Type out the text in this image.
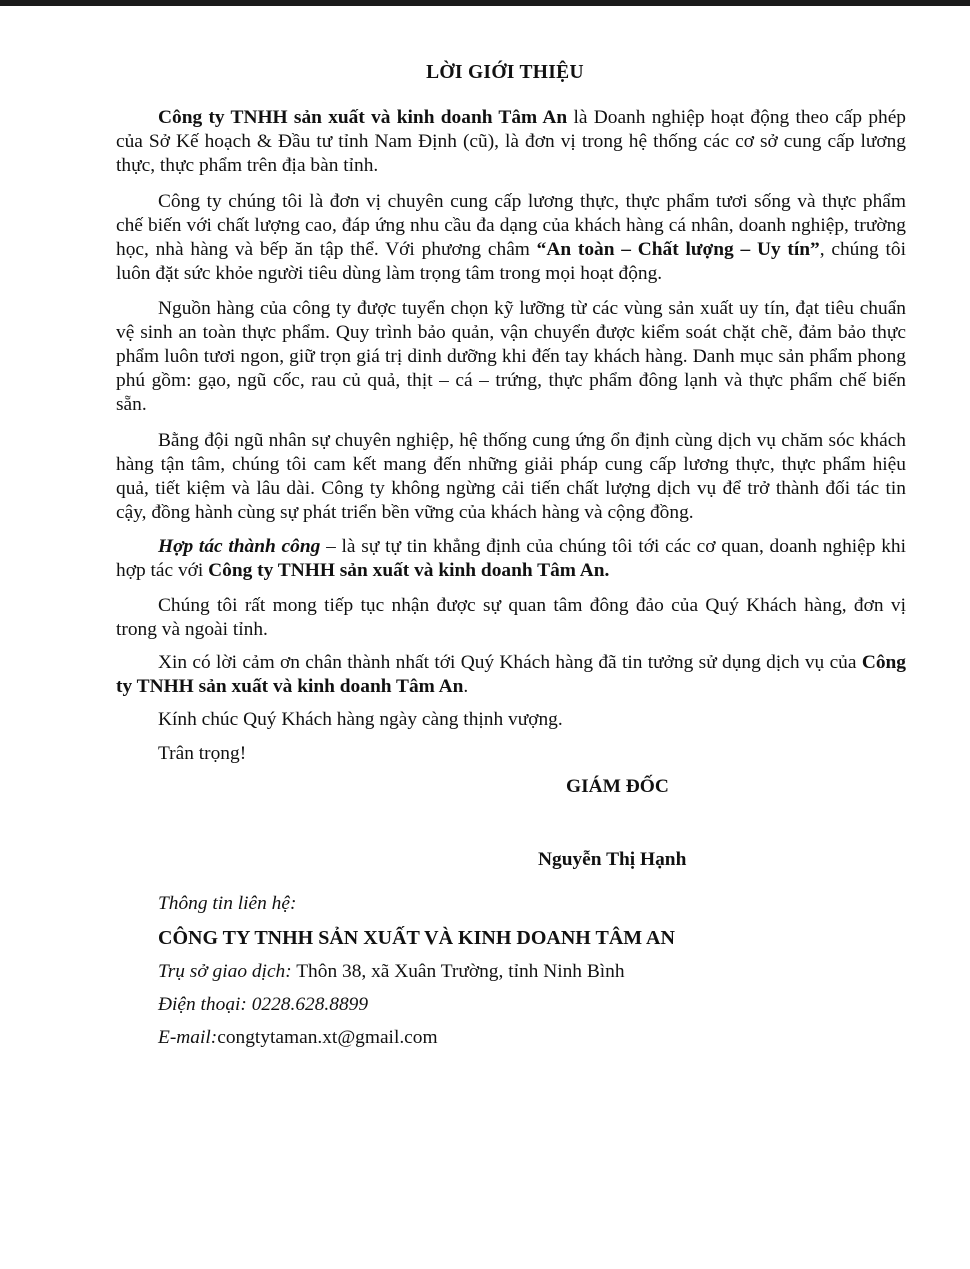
LỜI GIỚI THIỆU
Công ty TNHH sản xuất và kinh doanh Tâm An là Doanh nghiệp hoạt động theo cấp phép của Sở Kế hoạch & Đầu tư tỉnh Nam Định (cũ), là đơn vị trong hệ thống các cơ sở cung cấp lương thực, thực phẩm trên địa bàn tỉnh.
Công ty chúng tôi là đơn vị chuyên cung cấp lương thực, thực phẩm tươi sống và thực phẩm chế biến với chất lượng cao, đáp ứng nhu cầu đa dạng của khách hàng cá nhân, doanh nghiệp, trường học, nhà hàng và bếp ăn tập thể. Với phương châm “An toàn – Chất lượng – Uy tín”, chúng tôi luôn đặt sức khỏe người tiêu dùng làm trọng tâm trong mọi hoạt động.
Nguồn hàng của công ty được tuyển chọn kỹ lưỡng từ các vùng sản xuất uy tín, đạt tiêu chuẩn vệ sinh an toàn thực phẩm. Quy trình bảo quản, vận chuyển được kiểm soát chặt chẽ, đảm bảo thực phẩm luôn tươi ngon, giữ trọn giá trị dinh dưỡng khi đến tay khách hàng. Danh mục sản phẩm phong phú gồm: gạo, ngũ cốc, rau củ quả, thịt – cá – trứng, thực phẩm đông lạnh và thực phẩm chế biến sẵn.
Bằng đội ngũ nhân sự chuyên nghiệp, hệ thống cung ứng ổn định cùng dịch vụ chăm sóc khách hàng tận tâm, chúng tôi cam kết mang đến những giải pháp cung cấp lương thực, thực phẩm hiệu quả, tiết kiệm và lâu dài. Công ty không ngừng cải tiến chất lượng dịch vụ để trở thành đối tác tin cậy, đồng hành cùng sự phát triển bền vững của khách hàng và cộng đồng.
Hợp tác thành công – là sự tự tin khẳng định của chúng tôi tới các cơ quan, doanh nghiệp khi hợp tác với Công ty TNHH sản xuất và kinh doanh Tâm An.
Chúng tôi rất mong tiếp tục nhận được sự quan tâm đông đảo của Quý Khách hàng, đơn vị trong và ngoài tỉnh.
Xin có lời cảm ơn chân thành nhất tới Quý Khách hàng đã tin tưởng sử dụng dịch vụ của Công ty TNHH sản xuất và kinh doanh Tâm An.
Kính chúc Quý Khách hàng ngày càng thịnh vượng.
Trân trọng!
GIÁM ĐỐC
Nguyễn Thị Hạnh
Thông tin liên hệ:
CÔNG TY TNHH SẢN XUẤT VÀ KINH DOANH TÂM AN
Trụ sở giao dịch: Thôn 38, xã Xuân Trường, tỉnh Ninh Bình
Điện thoại: 0228.628.8899
E-mail:congtytaman.xt@gmail.com
